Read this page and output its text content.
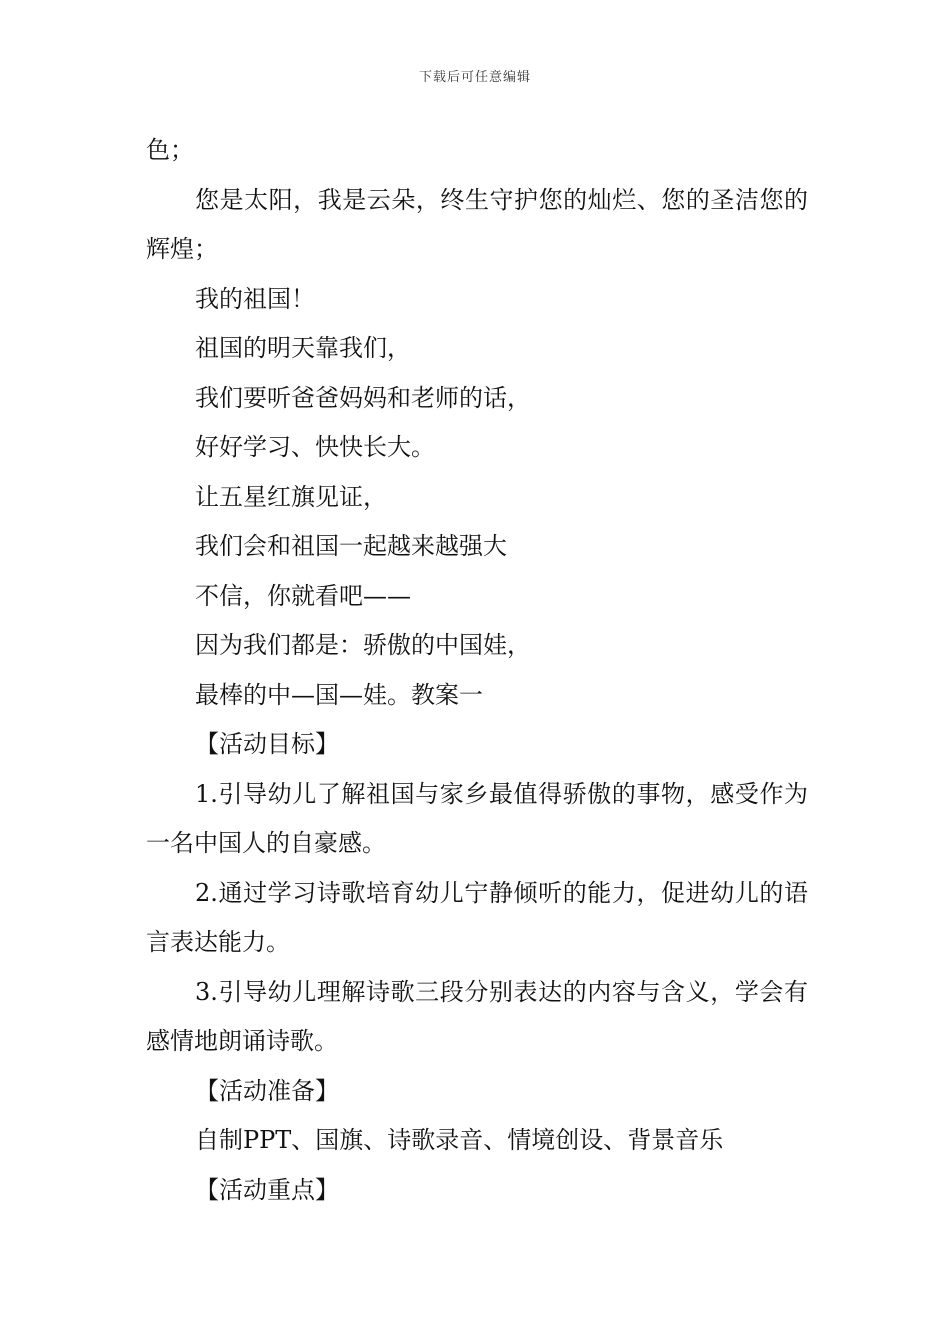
下载后可任意编辑

色；

您是太阳，我是云朵，终生守护您的灿烂、您的圣洁您的辉煌；

我的祖国！

祖国的明天靠我们，

我们要听爸爸妈妈和老师的话，

好好学习、快快长大。

让五星红旗见证，

我们会和祖国一起越来越强大

不信，你就看吧——

因为我们都是：骄傲的中国娃，

最棒的中—国—娃。教案一

【活动目标】

1.引导幼儿了解祖国与家乡最值得骄傲的事物，感受作为一名中国人的自豪感。

2.通过学习诗歌培育幼儿宁静倾听的能力，促进幼儿的语言表达能力。

3.引导幼儿理解诗歌三段分别表达的内容与含义，学会有感情地朗诵诗歌。

【活动准备】

自制PPT、国旗、诗歌录音、情境创设、背景音乐

【活动重点】
